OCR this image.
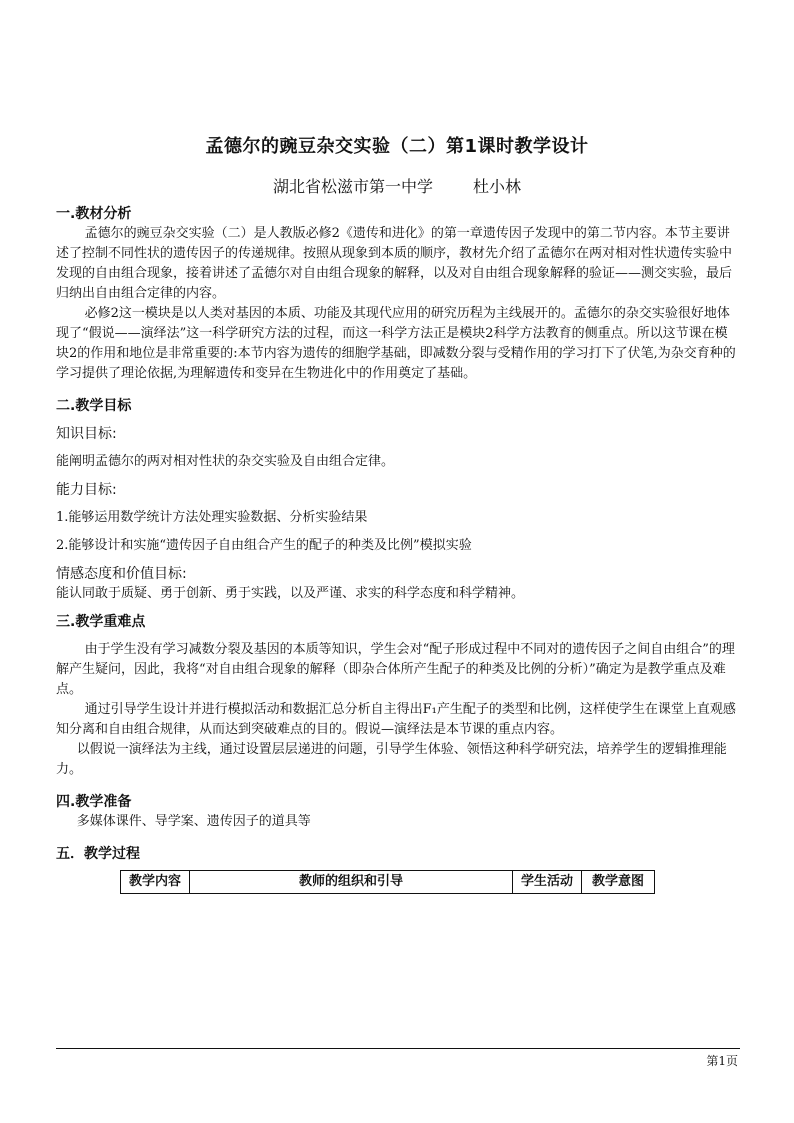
孟德尔的豌豆杂交实验（二）第1课时教学设计
湖北省松滋市第一中学	杜小林
一.教材分析

孟德尔的豌豆杂交实验（二）是人教版必修2《遗传和进化》的第一章遗传因子发现中的第二节内容。本节主要讲述了控制不同性状的遗传因子的传递规律。按照从现象到本质的顺序，教材先介绍了孟德尔在两对相对性状遗传实验中发现的自由组合现象，接着讲述了孟德尔对自由组合现象的解释，以及对自由组合现象解释的验证——测交实验，最后归纳出自由组合定律的内容。

必修2这一模块是以人类对基因的本质、功能及其现代应用的研究历程为主线展开的。孟德尔的杂交实验很好地体现了“假说——演绎法”这一科学研究方法的过程，而这一科学方法正是模块2科学方法教育的侧重点。所以这节课在模块2的作用和地位是非常重要的:本节内容为遗传的细胞学基础，即减数分裂与受精作用的学习打下了伏笔,为杂交育种的学习提供了理论依据,为理解遗传和变异在生物进化中的作用奠定了基础。

二.教学目标

知识目标:

能阐明孟德尔的两对相对性状的杂交实验及自由组合定律。

能力目标:

1.能够运用数学统计方法处理实验数据、分析实验结果

2.能够设计和实施“遗传因子自由组合产生的配子的种类及比例”模拟实验

情感态度和价值目标:

能认同敢于质疑、勇于创新、勇于实践，以及严谨、求实的科学态度和科学精神。

三.教学重难点

由于学生没有学习减数分裂及基因的本质等知识，学生会对“配子形成过程中不同对的遗传因子之间自由组合”的理解产生疑问，因此，我将“对自由组合现象的解释（即杂合体所产生配子的种类及比例的分析）”确定为是教学重点及难点。

通过引导学生设计并进行模拟活动和数据汇总分析自主得出F₁产生配子的类型和比例，这样使学生在课堂上直观感知分离和自由组合规律，从而达到突破难点的目的。假说—演绎法是本节课的重点内容。

以假说一演绎法为主线，通过设置层层递进的问题，引导学生体验、领悟这种科学研究法，培养学生的逻辑推理能力。

四.教学准备

多媒体课件、导学案、遗传因子的道具等

五．教学过程
教学内容	教师的组织和引导	学生活动	教学意图
第1页
